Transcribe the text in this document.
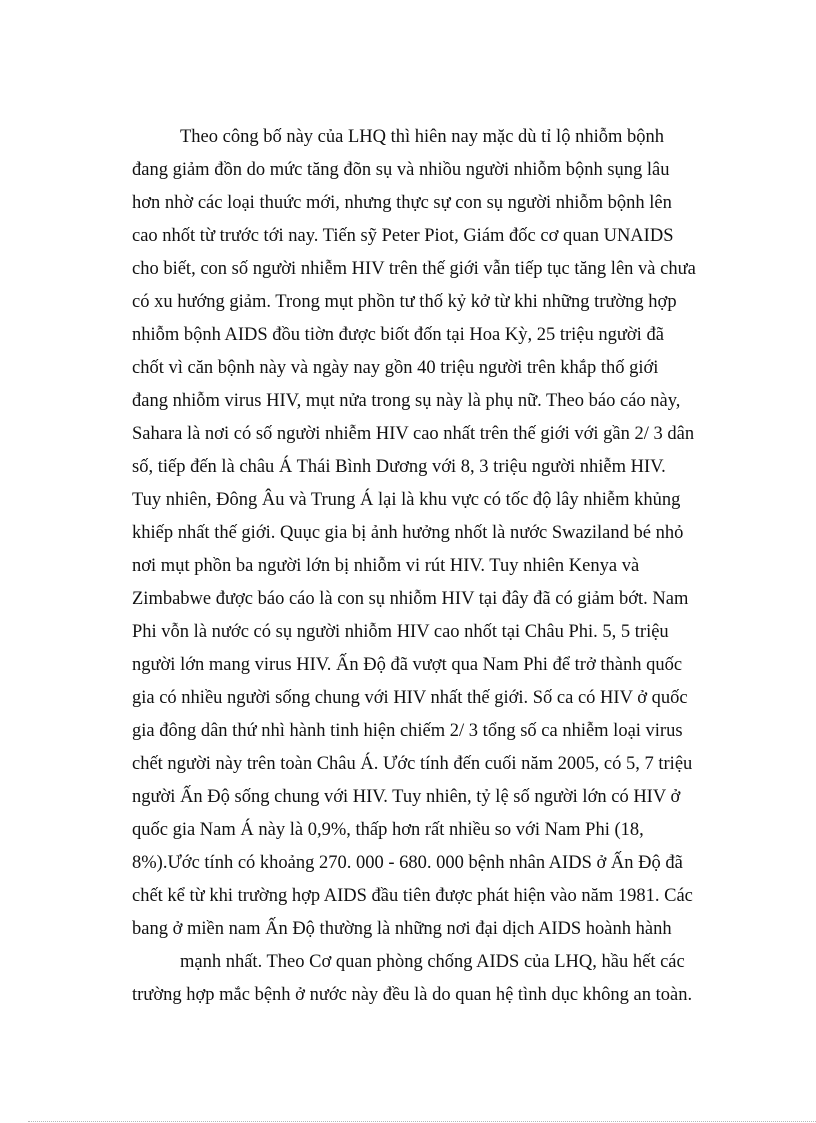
Theo công bố này của LHQ thì hiên nay mặc dù tỉ lộ nhiỗm bộnh
đang giảm đồn do mức tăng đõn sụ và nhiồu người nhiỗm bộnh sụng lâu
hơn nhờ các loại thuức mới, nhưng thực sự con sụ người nhiỗm bộnh lên
cao nhốt từ trước tới nay. Tiến sỹ Peter Piot, Giám đốc cơ quan UNAIDS
cho biết, con số người nhiễm HIV trên thế giới vẫn tiếp tục tăng lên và chưa
có xu hướng giảm. Trong mụt phồn tư thố kỷ kở từ khi những trường hợp
nhiỗm bộnh AIDS đồu tiờn được biốt đốn tại Hoa Kỳ, 25 triệu người đã
chốt vì căn bộnh này và ngày nay gồn 40 triệu người trên khắp thố giới
đang nhiỗm virus HIV, mụt nửa trong sụ này là phụ nữ. Theo báo cáo này,
Sahara là nơi có số người nhiễm HIV cao nhất trên thế giới với gần 2/ 3 dân
số, tiếp đến là châu Á Thái Bình Dương với 8, 3 triệu người nhiễm HIV.
Tuy nhiên, Đông Âu và Trung Á lại là khu vực có tốc độ lây nhiễm khủng
khiếp nhất thế giới. Quục gia bị ảnh hưởng nhốt là nước Swaziland bé nhỏ
nơi mụt phồn ba người lớn bị nhiỗm vi rút HIV. Tuy nhiên Kenya và
Zimbabwe được báo cáo là con sụ nhiỗm HIV tại đây đã có giảm bớt. Nam
Phi vỗn là nước có sụ người nhiỗm HIV cao nhốt tại Châu Phi. 5, 5 triệu
người lớn mang virus HIV. Ấn Độ đã vượt qua Nam Phi để trở thành quốc
gia có nhiều người sống chung với HIV nhất thế giới. Số ca có HIV ở quốc
gia đông dân thứ nhì hành tinh hiện chiếm 2/ 3 tổng số ca nhiễm loại virus
chết người này trên toàn Châu Á. Ước tính đến cuối năm 2005, có 5, 7 triệu
người Ấn Độ sống chung với HIV. Tuy nhiên, tỷ lệ số người lớn có HIV ở
quốc gia Nam Á này là 0,9%, thấp hơn rất nhiều so với Nam Phi (18,
8%).Ước tính có khoảng 270. 000 - 680. 000 bệnh nhân AIDS ở Ấn Độ đã
chết kể từ khi trường hợp AIDS đầu tiên được phát hiện vào năm 1981. Các
bang ở miền nam Ấn Độ thường là những nơi đại dịch AIDS hoành hành
mạnh nhất. Theo Cơ quan phòng chống AIDS của LHQ, hầu hết các
trường hợp mắc bệnh ở nước này đều là do quan hệ tình dục không an toàn.
